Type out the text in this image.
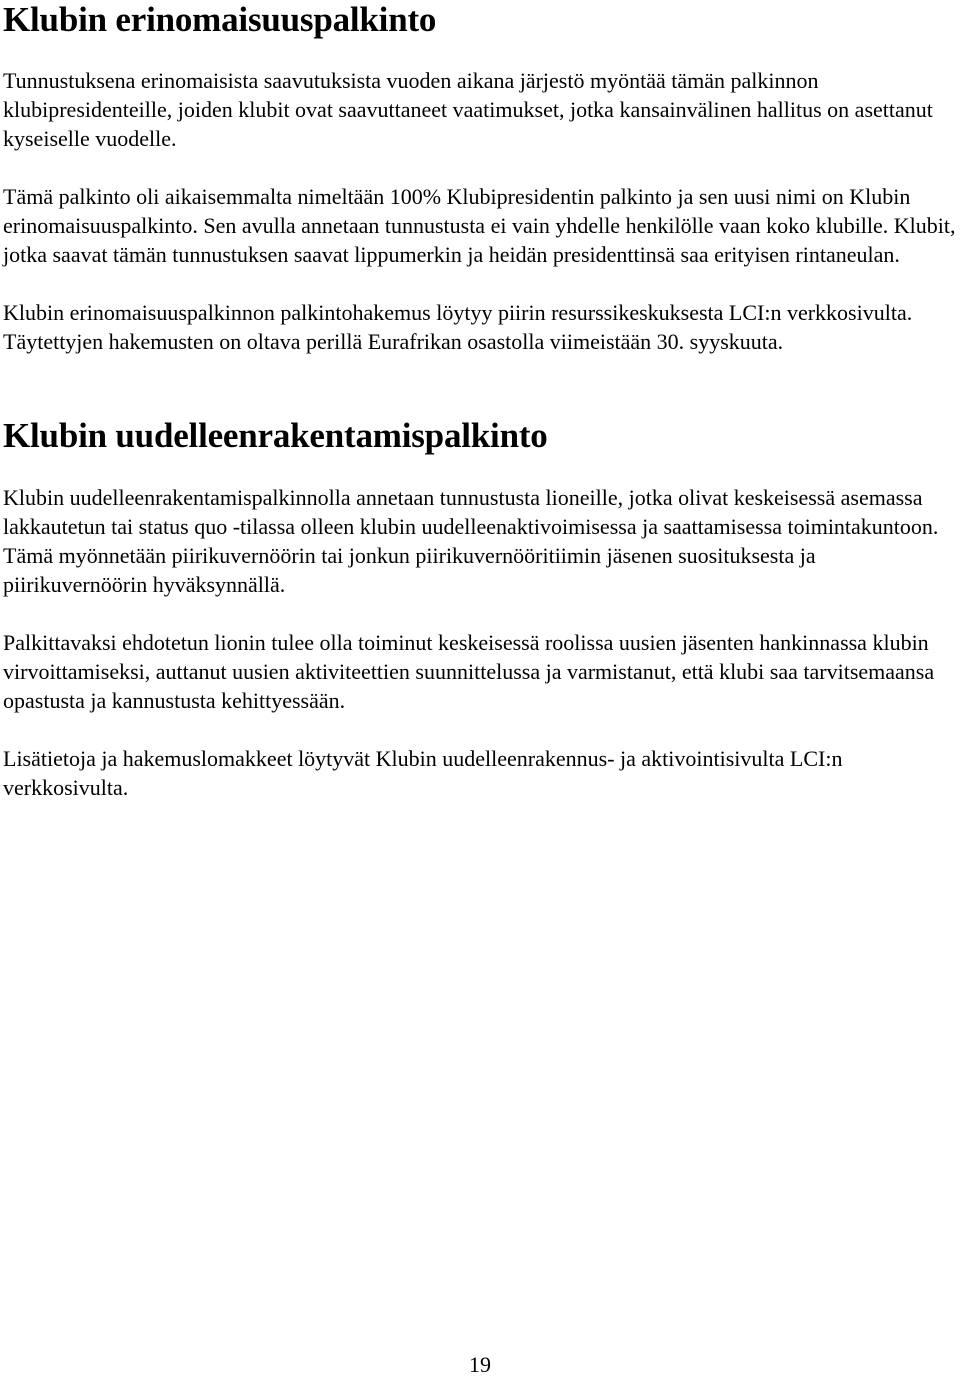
Klubin erinomaisuuspalkinto

Tunnustuksena erinomaisista saavutuksista vuoden aikana järjestö myöntää tämän palkinnon klubipresidenteille, joiden klubit ovat saavuttaneet vaatimukset, jotka kansainvälinen hallitus on asettanut kyseiselle vuodelle.

Tämä palkinto oli aikaisemmalta nimeltään 100% Klubipresidentin palkinto ja sen uusi nimi on Klubin erinomaisuuspalkinto. Sen avulla annetaan tunnustusta ei vain yhdelle henkilölle vaan koko klubille. Klubit, jotka saavat tämän tunnustuksen saavat lippumerkin ja heidän presidenttinsä saa erityisen rintaneulan.

Klubin erinomaisuuspalkinnon palkintohakemus löytyy piirin resurssikeskuksesta LCI:n verkkosivulta. Täytettyjen hakemusten on oltava perillä Eurafrikan osastolla viimeistään 30. syyskuuta.

Klubin uudelleenrakentamispalkinto

Klubin uudelleenrakentamispalkinnolla annetaan tunnustusta lioneille, jotka olivat keskeisessä asemassa lakkautetun tai status quo -tilassa olleen klubin uudelleenaktivoimisessa ja saattamisessa toimintakuntoon. Tämä myönnetään piirikuvernöörin tai jonkun piirikuvernööritiimin jäsenen suosituksesta ja piirikuvernöörin hyväksynnällä.

Palkittavaksi ehdotetun lionin tulee olla toiminut keskeisessä roolissa uusien jäsenten hankinnassa klubin virvoittamiseksi, auttanut uusien aktiviteettien suunnittelussa ja varmistanut, että klubi saa tarvitsemaansa opastusta ja kannustusta kehittyessään.

Lisätietoja ja hakemuslomakkeet löytyvät Klubin uudelleenrakennus- ja aktivointisivulta LCI:n verkkosivulta.

19
